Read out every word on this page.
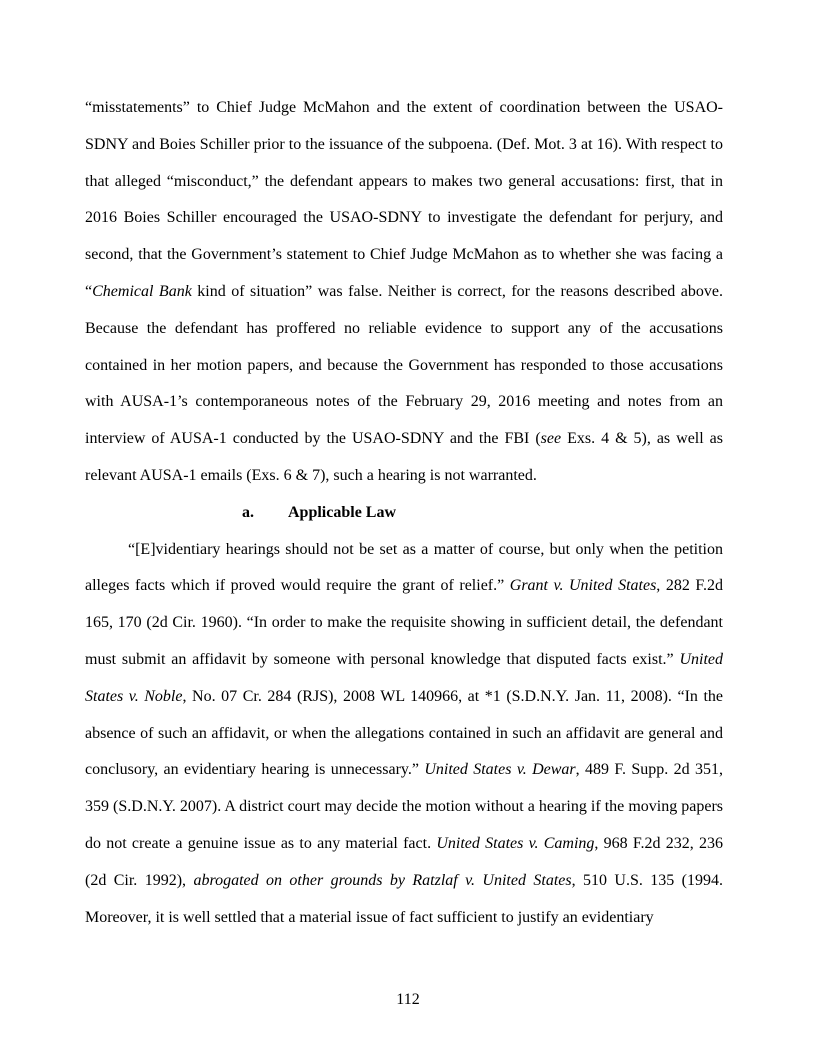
“misstatements” to Chief Judge McMahon and the extent of coordination between the USAO-SDNY and Boies Schiller prior to the issuance of the subpoena. (Def. Mot. 3 at 16). With respect to that alleged “misconduct,” the defendant appears to makes two general accusations: first, that in 2016 Boies Schiller encouraged the USAO-SDNY to investigate the defendant for perjury, and second, that the Government’s statement to Chief Judge McMahon as to whether she was facing a “Chemical Bank kind of situation” was false. Neither is correct, for the reasons described above. Because the defendant has proffered no reliable evidence to support any of the accusations contained in her motion papers, and because the Government has responded to those accusations with AUSA-1’s contemporaneous notes of the February 29, 2016 meeting and notes from an interview of AUSA-1 conducted by the USAO-SDNY and the FBI (see Exs. 4 & 5), as well as relevant AUSA-1 emails (Exs. 6 & 7), such a hearing is not warranted.

a. Applicable Law

“[E]videntiary hearings should not be set as a matter of course, but only when the petition alleges facts which if proved would require the grant of relief.” Grant v. United States, 282 F.2d 165, 170 (2d Cir. 1960). “In order to make the requisite showing in sufficient detail, the defendant must submit an affidavit by someone with personal knowledge that disputed facts exist.” United States v. Noble, No. 07 Cr. 284 (RJS), 2008 WL 140966, at *1 (S.D.N.Y. Jan. 11, 2008). “In the absence of such an affidavit, or when the allegations contained in such an affidavit are general and conclusory, an evidentiary hearing is unnecessary.” United States v. Dewar, 489 F. Supp. 2d 351, 359 (S.D.N.Y. 2007). A district court may decide the motion without a hearing if the moving papers do not create a genuine issue as to any material fact. United States v. Caming, 968 F.2d 232, 236 (2d Cir. 1992), abrogated on other grounds by Ratzlaf v. United States, 510 U.S. 135 (1994. Moreover, it is well settled that a material issue of fact sufficient to justify an evidentiary

112
